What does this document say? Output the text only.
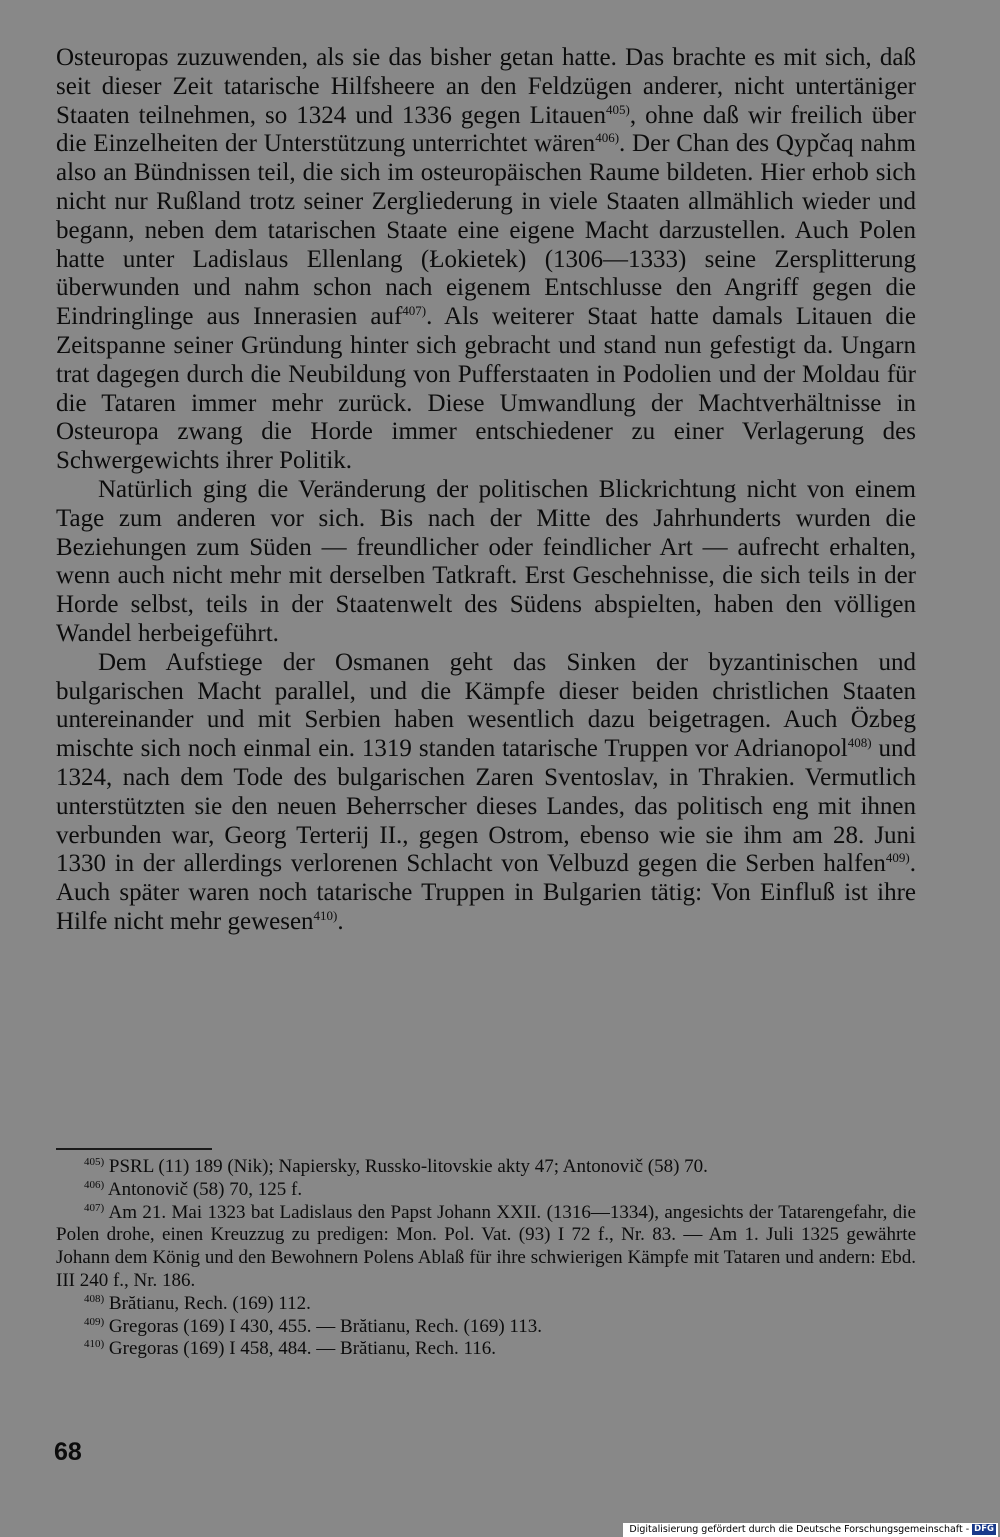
Osteuropas zuzuwenden, als sie das bisher getan hatte. Das brachte es mit sich, daß seit dieser Zeit tatarische Hilfsheere an den Feldzügen anderer, nicht untertäniger Staaten teilnehmen, so 1324 und 1336 gegen Litauen$^{405)}$, ohne daß wir freilich über die Einzelheiten der Unterstützung unterrichtet wären$^{406)}$. Der Chan des Qypčaq nahm also an Bündnissen teil, die sich im osteuropäischen Raume bildeten. Hier erhob sich nicht nur Rußland trotz seiner Zergliederung in viele Staaten allmählich wieder und begann, neben dem tatarischen Staate eine eigene Macht darzustellen. Auch Polen hatte unter Ladislaus Ellenlang (Łokietek) (1306—1333) seine Zersplitterung überwunden und nahm schon nach eigenem Entschlusse den Angriff gegen die Eindringlinge aus Innerasien auf$^{407)}$. Als weiterer Staat hatte damals Litauen die Zeitspanne seiner Gründung hinter sich gebracht und stand nun gefestigt da. Ungarn trat dagegen durch die Neubildung von Pufferstaaten in Podolien und der Moldau für die Tataren immer mehr zurück. Diese Umwandlung der Machtverhältnisse in Osteuropa zwang die Horde immer entschiedener zu einer Verlagerung des Schwergewichts ihrer Politik.

Natürlich ging die Veränderung der politischen Blickrichtung nicht von einem Tage zum anderen vor sich. Bis nach der Mitte des Jahrhunderts wurden die Beziehungen zum Süden — freundlicher oder feindlicher Art — aufrecht erhalten, wenn auch nicht mehr mit derselben Tatkraft. Erst Geschehnisse, die sich teils in der Horde selbst, teils in der Staatenwelt des Südens abspielten, haben den völligen Wandel herbeigeführt.

Dem Aufstiege der Osmanen geht das Sinken der byzantinischen und bulgarischen Macht parallel, und die Kämpfe dieser beiden christlichen Staaten untereinander und mit Serbien haben wesentlich dazu beigetragen. Auch Özbeg mischte sich noch einmal ein. 1319 standen tatarische Truppen vor Adrianopol$^{408)}$ und 1324, nach dem Tode des bulgarischen Zaren Sventoslav, in Thrakien. Vermutlich unterstützten sie den neuen Beherrscher dieses Landes, das politisch eng mit ihnen verbunden war, Georg Terterij II., gegen Ostrom, ebenso wie sie ihm am 28. Juni 1330 in der allerdings verlorenen Schlacht von Velbuzd gegen die Serben halfen$^{409)}$. Auch später waren noch tatarische Truppen in Bulgarien tätig: Von Einfluß ist ihre Hilfe nicht mehr gewesen$^{410)}$.

$^{405)}$ PSRL (11) 189 (Nik); Napiersky, Russko-litovskie akty 47; Antonovič (58) 70.

$^{406)}$ Antonovič (58) 70, 125 f.

$^{407)}$ Am 21. Mai 1323 bat Ladislaus den Papst Johann XXII. (1316—1334), angesichts der Tatarengefahr, die Polen drohe, einen Kreuzzug zu predigen: Mon. Pol. Vat. (93) I 72 f., Nr. 83. — Am 1. Juli 1325 gewährte Johann dem König und den Bewohnern Polens Ablaß für ihre schwierigen Kämpfe mit Tataren und andern: Ebd. III 240 f., Nr. 186.

$^{408)}$ Brătianu, Rech. (169) 112.

$^{409)}$ Gregoras (169) I 430, 455. — Brătianu, Rech. (169) 113.

$^{410)}$ Gregoras (169) I 458, 484. — Brătianu, Rech. 116.

68
Digitalisierung gefördert durch die Deutsche Forschungsgemeinschaft - DFG
